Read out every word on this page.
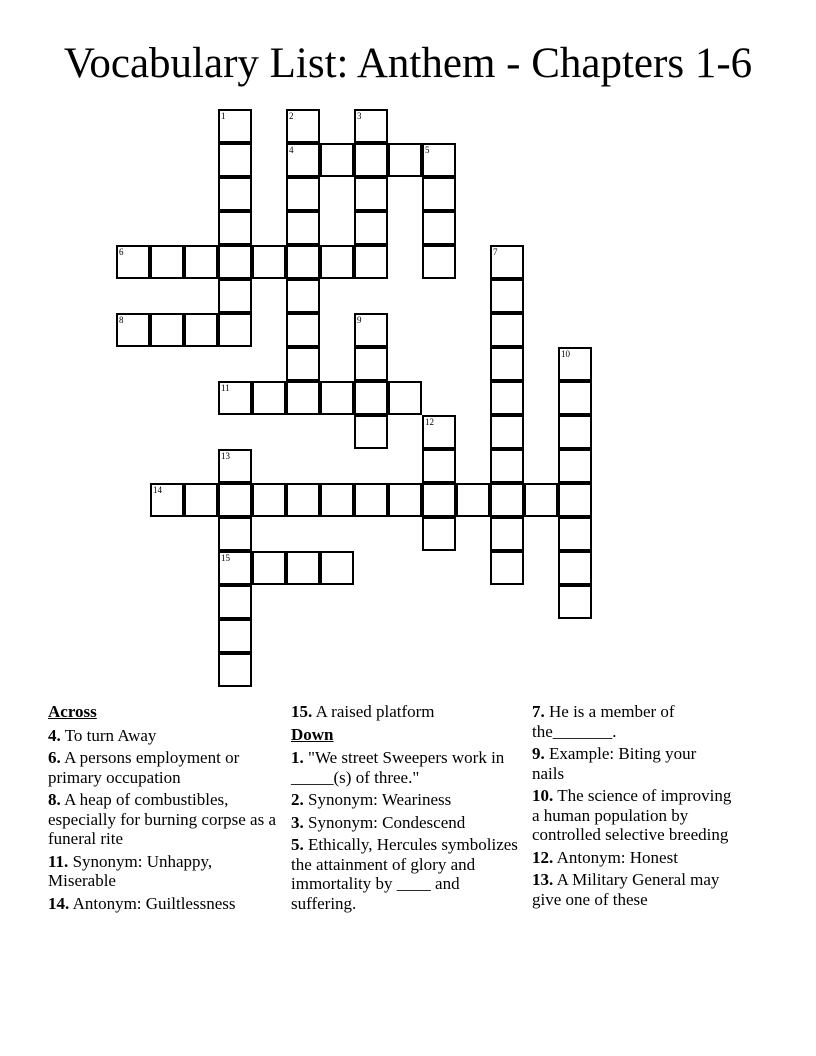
Vocabulary List: Anthem - Chapters 1-6
1	2
4
3
5
6	7
8	9
10
11
12
13
15
14
Across
4. To turn Away
6. A persons employment or primary occupation
8. A heap of combustibles, especially for burning corpse as a funeral rite
11. Synonym: Unhappy, Miserable
14. Antonym: Guiltlessness
15. A raised platform
Down
1. "We street Sweepers work in _____(s) of three."
2. Synonym: Weariness
3. Synonym: Condescend
5. Ethically, Hercules symbolizes the attainment of glory and immortality by ____ and suffering.
7. He is a member of the_______.
9. Example: Biting your nails
10. The science of improving a human population by controlled selective breeding
12. Antonym: Honest
13. A Military General may give one of these
